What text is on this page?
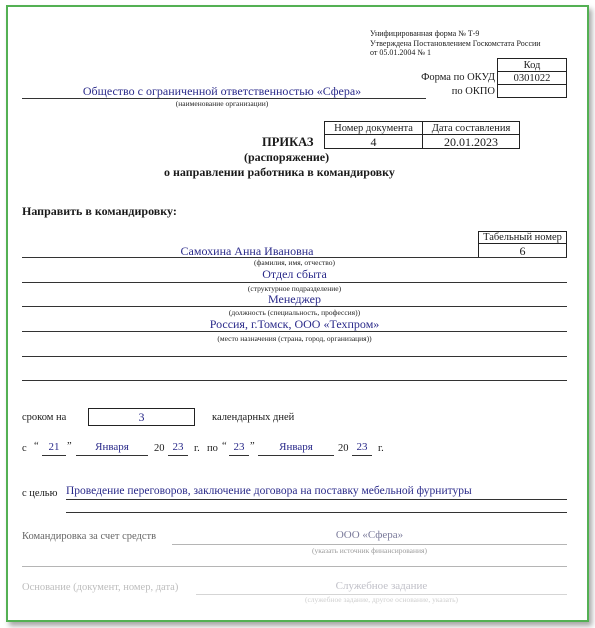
Унифицированная форма № Т-9
Утверждена Постановлением Госкомстата России
от 05.01.2004 № 1
Код
Форма по ОКУД	0301022
по ОКПО
Общество с ограниченной ответственностью «Сфера»
(наименование организации)
Номер документа	Дата составления
4	20.01.2023
ПРИКАЗ
(распоряжение)
о направлении работника в командировку
Направить в командировку:
Табельный номер
6
Самохина Анна Ивановна
(фамилия, имя, отчество)
Отдел сбыта
(структурное подразделение)
Менеджер
(должность (специальность, профессия))
Россия, г.Томск, ООО «Техпром»
(место назначения (страна, город, организация))
сроком на	3	календарных дней
с “ 21 ”	Января	20 23	г. по “ 23 ”	Января	20 23	г.
с целью Проведение переговоров, заключение договора на поставку мебельной фурнитуры
Командировка за счет средств	ООО «Сфера»
(указать источник финансирования)
Основание (документ, номер, дата)	Служебное задание
(служебное задание, другое основание, указать)
